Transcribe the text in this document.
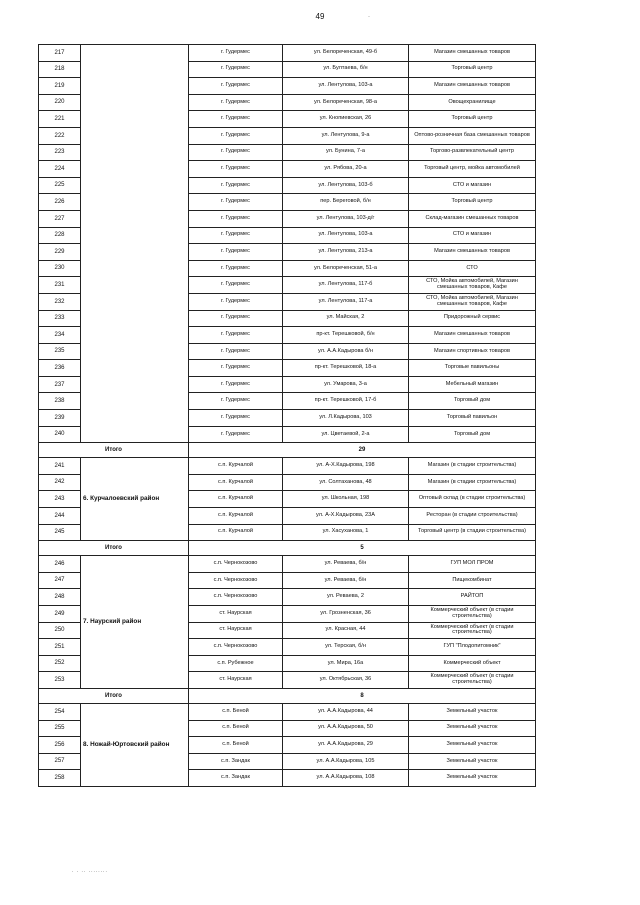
49	·
217		г. Гудермес	ул. Белореченская, 49-б	Магазин смешанных товаров
218		г. Гудермес	ул. Бултаева, б/н	Торговый центр
219		г. Гудермес	ул. Лентулова, 103-а	Магазин смешанных товаров
220		г. Гудермес	ул. Белореченская, 98-а	Овощехранилище
221		г. Гудермес	ул. Кнопиевская, 26	Торговый центр
222		г. Гудермес	ул. Лентулова, 9-а	Оптово-розничная база смешанных товаров
223		г. Гудермес	ул. Бунина, 7-а	Торгово-развлекательный центр
224		г. Гудермес	ул. Рябова, 20-а	Торговый центр, мойка автомобилей
225		г. Гудермес	ул. Лентулова, 103-б	СТО и магазин
226		г. Гудермес	пер. Береговой, б/н	Торговый центр
227		г. Гудермес	ул. Лентулова, 103-д/г	Склад-магазин смешанных товаров
228		г. Гудермес	ул. Лентулова, 103-а	СТО и магазин
229		г. Гудермес	ул. Лентулова, 213-а	Магазин смешанных товаров
230		г. Гудермес	ул. Белореченская, 51-а	СТО
231		г. Гудермес	ул. Лентулова, 117-б	СТО, Мойка автомобилей, Магазин смешанных товаров, Кафе
232		г. Гудермес	ул. Лентулова, 117-а	СТО, Мойка автомобилей, Магазин смешанных товаров, Кафе
233		г. Гудермес	ул. Майская, 2	Придорожный сервис
234		г. Гудермес	пр-кт. Терешковой, б/н	Магазин смешанных товаров
235		г. Гудермес	ул. А.А.Кадырова б/н	Магазин спортивных товаров
236		г. Гудермес	пр-кт. Терешковой, 18-а	Торговые павильоны
237		г. Гудермес	ул. Умарова, 3-а	Мебельный магазин
238		г. Гудермес	пр-кт. Терешковой, 17-б	Торговый дом
239		г. Гудермес	ул. Л.Кадырова, 103	Торговый павильон
240		г. Гудермес	ул. Цветаевой, 2-а	Торговый дом
Итого		29		
241	6. Курчалоевский район	с.п. Курчалой	ул. А-Х.Кадырова, 198	Магазин (в стадии строительства)
242		с.п. Курчалой	ул. Солтаханова, 48	Магазин (в стадии строительства)
243		с.п. Курчалой	ул. Школьная, 198	Оптовый склад (в стадии строительства)
244		с.п. Курчалой	ул. А-Х.Кадырова, 23А	Ресторан (в стадии строительства)
245		с.п. Курчалой	ул. Хасуханова, 1	Торговый центр (в стадии строительства)
Итого		5		
246	7. Наурский район	с.п. Чернокозово	ул. Реваева, б/н	ГУП МОЛ ПРОМ
247		с.п. Чернокозово	ул. Реваева, б/н	Пищекомбинат
248		с.п. Чернокозово	ул. Реваева, 2	РАЙТОП
249		ст. Наурская	ул. Грозненская, 36	Коммерческий объект (в стадии строительства)
250		ст. Наурская	ул. Красная, 44	Коммерческий объект (в стадии строительства)
251		с.п. Чернокозово	ул. Терская, б/н	ГУП "Плодопитомник"
252		с.п. Рубежное	ул. Мира, 16а	Коммерческий объект
253		ст. Наурская	ул. Октябрьская, 36	Коммерческий объект (в стадии строительства)
Итого		8		
254	8. Ножай-Юртовский район	с.п. Беной	ул. А.А.Кадырова, 44	Земельный участок
255		с.п. Беной	ул. А.А.Кадырова, 50	Земельный участок
256		с.п. Беной	ул. А.А.Кадырова, 29	Земельный участок
257		с.п. Зандак	ул. А.А.Кадырова, 105	Земельный участок
258		с.п. Зандак	ул. А.А.Кадырова, 108	Земельный участок
. . .. ........
